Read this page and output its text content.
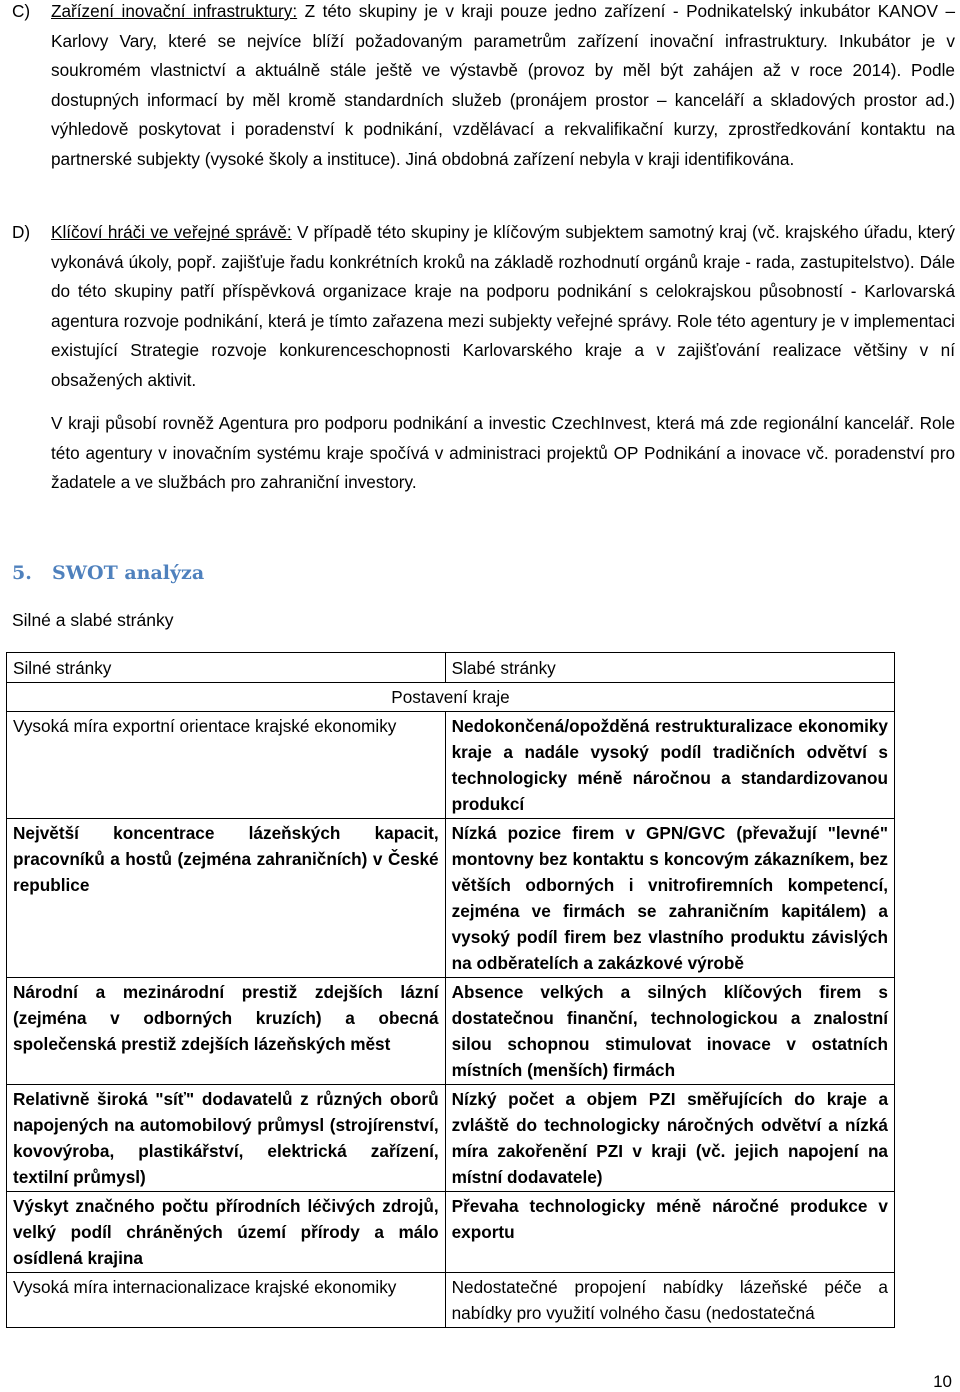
C) Zařízení inovační infrastruktury: Z této skupiny je v kraji pouze jedno zařízení - Podnikatelský inkubátor KANOV – Karlovy Vary, které se nejvíce blíží požadovaným parametrům zařízení inovační infrastruktury. Inkubátor je v soukromém vlastnictví a aktuálně stále ještě ve výstavbě (provoz by měl být zahájen až v roce 2014). Podle dostupných informací by měl kromě standardních služeb (pronájem prostor – kanceláří a skladových prostor ad.) výhledově poskytovat i poradenství k podnikání, vzdělávací a rekvalifikační kurzy, zprostředkování kontaktu na partnerské subjekty (vysoké školy a instituce). Jiná obdobná zařízení nebyla v kraji identifikována.
D) Klíčoví hráči ve veřejné správě: V případě této skupiny je klíčovým subjektem samotný kraj (vč. krajského úřadu, který vykonává úkoly, popř. zajišťuje řadu konkrétních kroků na základě rozhodnutí orgánů kraje - rada, zastupitelstvo). Dále do této skupiny patří příspěvková organizace kraje na podporu podnikání s celokrajskou působností - Karlovarská agentura rozvoje podnikání, která je tímto zařazena mezi subjekty veřejné správy. Role této agentury je v implementaci existující Strategie rozvoje konkurenceschopnosti Karlovarského kraje a v zajišťování realizace většiny v ní obsažených aktivit.
V kraji působí rovněž Agentura pro podporu podnikání a investic CzechInvest, která má zde regionální kancelář. Role této agentury v inovačním systému kraje spočívá v administraci projektů OP Podnikání a inovace vč. poradenství pro žadatele a ve službách pro zahraniční investory.
5. SWOT analýza
Silné a slabé stránky
Silné stránky	Slabé stránky
Postavení kraje	
Vysoká míra exportní orientace krajské ekonomiky	Nedokončená/opožděná restrukturalizace ekonomiky kraje a nadále vysoký podíl tradičních odvětví s technologicky méně náročnou a standardizovanou produkcí
Největší koncentrace lázeňských kapacit, pracovníků a hostů (zejména zahraničních) v České republice	Nízká pozice firem v GPN/GVC (převažují "levné" montovny bez kontaktu s koncovým zákazníkem, bez větších odborných i vnitrofiremních kompetencí, zejména ve firmách se zahraničním kapitálem) a vysoký podíl firem bez vlastního produktu závislých na odběratelích a zakázkové výrobě
Národní a mezinárodní prestiž zdejších lázní (zejména v odborných kruzích) a obecná společenská prestiž zdejších lázeňských měst	Absence velkých a silných klíčových firem s dostatečnou finanční, technologickou a znalostní silou schopnou stimulovat inovace v ostatních místních (menších) firmách
Relativně široká "síť" dodavatelů z různých oborů napojených na automobilový průmysl (strojírenství, kovovýroba, plastikářství, elektrická zařízení, textilní průmysl)	Nízký počet a objem PZI směřujících do kraje a zvláště do technologicky náročných odvětví a nízká míra zakořenění PZI v kraji (vč. jejich napojení na místní dodavatele)
Výskyt značného počtu přírodních léčivých zdrojů, velký podíl chráněných území přírody a málo osídlená krajina	Převaha technologicky méně náročné produkce v exportu
Vysoká míra internacionalizace krajské ekonomiky	Nedostatečné propojení nabídky lázeňské péče a nabídky pro využití volného času (nedostatečná
10
